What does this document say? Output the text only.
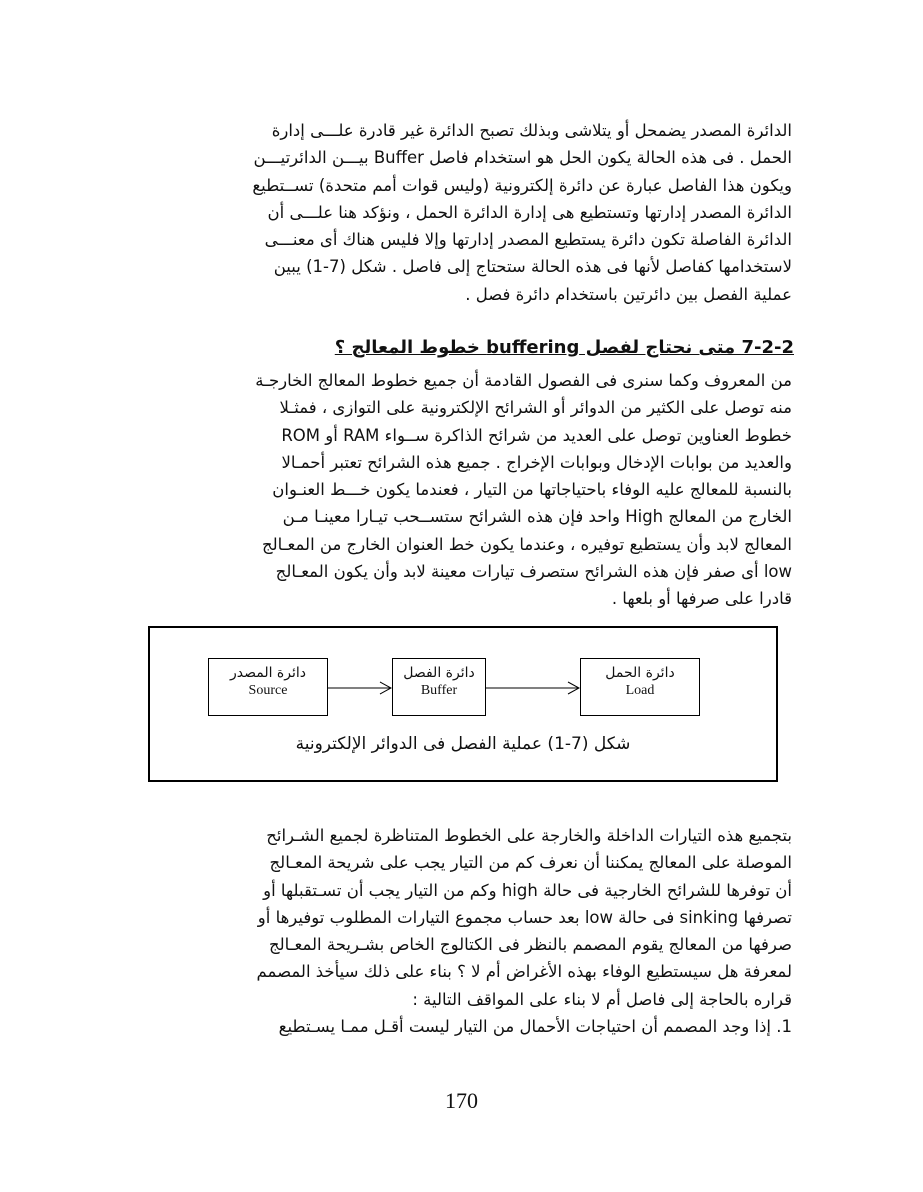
الدائرة المصدر يضمحل أو يتلاشى وبذلك تصبح الدائرة غير قادرة علـــى إدارة
الحمل . فى هذه الحالة يكون الحل هو استخدام فاصل Buffer بيـــن الدائرتيـــن
ويكون هذا الفاصل عبارة عن دائرة إلكترونية (وليس قوات أمم متحدة) تســتطيع
الدائرة المصدر إدارتها وتستطيع هى إدارة الدائرة الحمل ، ونؤكد هنا علـــى أن
الدائرة الفاصلة تكون دائرة يستطيع المصدر إدارتها وإلا فليس هناك أى معنـــى
لاستخدامها كفاصل لأنها فى هذه الحالة ستحتاج إلى فاصل . شكل (7-1) يبين
عملية الفصل بين دائرتين باستخدام دائرة فصل .
7-2-2 متى نحتاج لفصل buffering خطوط المعالج ؟
من المعروف وكما سنرى فى الفصول القادمة أن جميع خطوط المعالج الخارجـة
منه توصل على الكثير من الدوائر أو الشرائح الإلكترونية على التوازى ، فمثـلا
خطوط العناوين توصل على العديد من شرائح الذاكرة ســواء RAM أو ROM
والعديد من بوابات الإدخال وبوابات الإخراج . جميع هذه الشرائح تعتبر أحمـالا
بالنسبة للمعالج عليه الوفاء باحتياجاتها من التيار ، فعندما يكون خـــط العنـوان
الخارج من المعالج High واحد فإن هذه الشرائح ستســحب تيـارا معينـا مـن
المعالج لابد وأن يستطيع توفيره ، وعندما يكون خط العنوان الخارج من المعـالج
low أى صفر فإن هذه الشرائح ستصرف تيارات معينة لابد وأن يكون المعـالج
قادرا على صرفها أو بلعها .
دائرة المصدر
Source
دائرة الفصل
Buffer
دائرة الحمل
Load
شكل (7-1) عملية الفصل فى الدوائر الإلكترونية
بتجميع هذه التيارات الداخلة والخارجة على الخطوط المتناظرة لجميع الشـرائح
الموصلة على المعالج يمكننا أن نعرف كم من التيار يجب على شريحة المعـالج
أن توفرها للشرائح الخارجية فى حالة high وكم من التيار يجب أن تسـتقبلها أو
تصرفها sinking فى حالة low بعد حساب مجموع التيارات المطلوب توفيرها أو
صرفها من المعالج يقوم المصمم بالنظر فى الكتالوج الخاص بشـريحة المعـالج
لمعرفة هل سيستطيع الوفاء بهذه الأغراض أم لا ؟ بناء على ذلك سيأخذ المصمم
قراره بالحاجة إلى فاصل أم لا بناء على المواقف التالية :
1. إذا وجد المصمم أن احتياجات الأحمال من التيار ليست أقـل ممـا يسـتطيع
170
